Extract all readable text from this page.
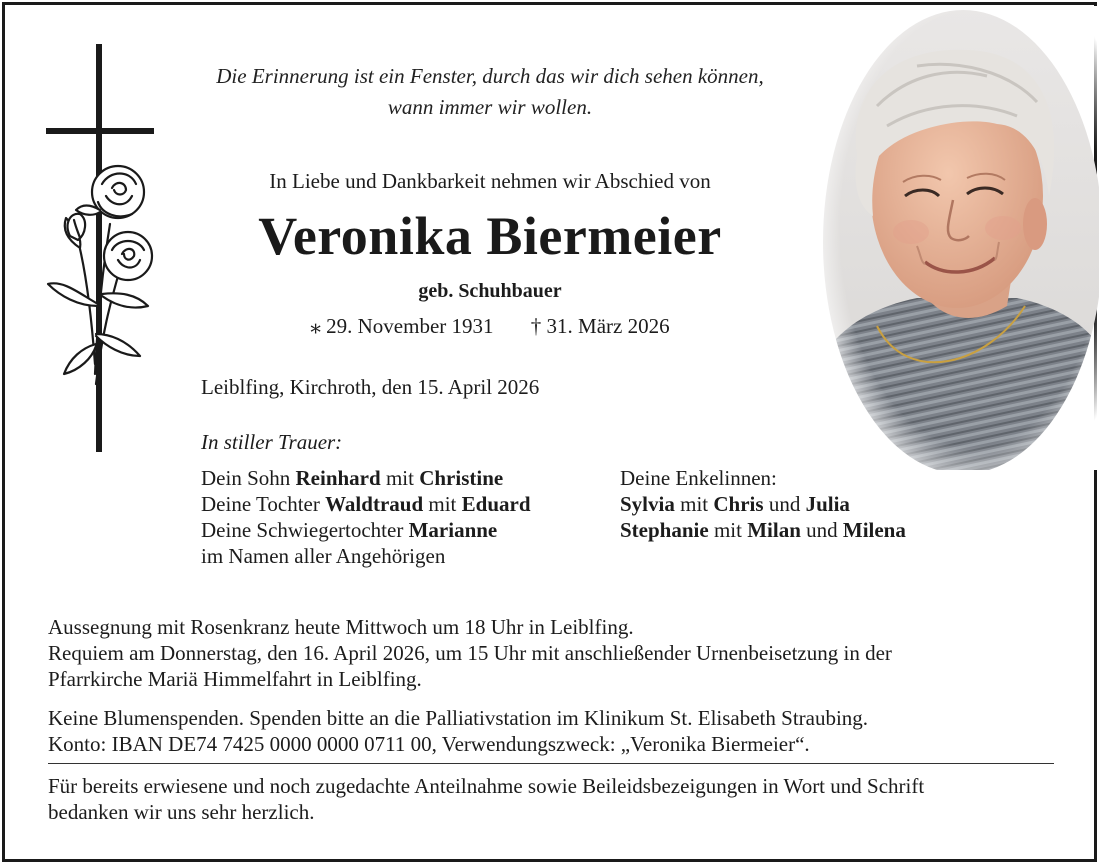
Die Erinnerung ist ein Fenster, durch das wir dich sehen können,
wann immer wir wollen.
In Liebe und Dankbarkeit nehmen wir Abschied von
Veronika Biermeier
geb. Schuhbauer
⁎ 29. November 1931 † 31. März 2026
Leiblfing, Kirchroth, den 15. April 2026
In stiller Trauer:
Dein Sohn Reinhard mit Christine
Deine Tochter Waldtraud mit Eduard
Deine Schwiegertochter Marianne
im Namen aller Angehörigen
Deine Enkelinnen:
Sylvia mit Chris und Julia
Stephanie mit Milan und Milena
Aussegnung mit Rosenkranz heute Mittwoch um 18 Uhr in Leiblfing.
Requiem am Donnerstag, den 16. April 2026, um 15 Uhr mit anschließender Urnenbeisetzung in der
Pfarrkirche Mariä Himmelfahrt in Leiblfing.
Keine Blumenspenden. Spenden bitte an die Palliativstation im Klinikum St. Elisabeth Straubing.
Konto: IBAN DE74 7425 0000 0000 0711 00, Verwendungszweck: „Veronika Biermeier“.
Für bereits erwiesene und noch zugedachte Anteilnahme sowie Beileidsbezeigungen in Wort und Schrift
bedanken wir uns sehr herzlich.
